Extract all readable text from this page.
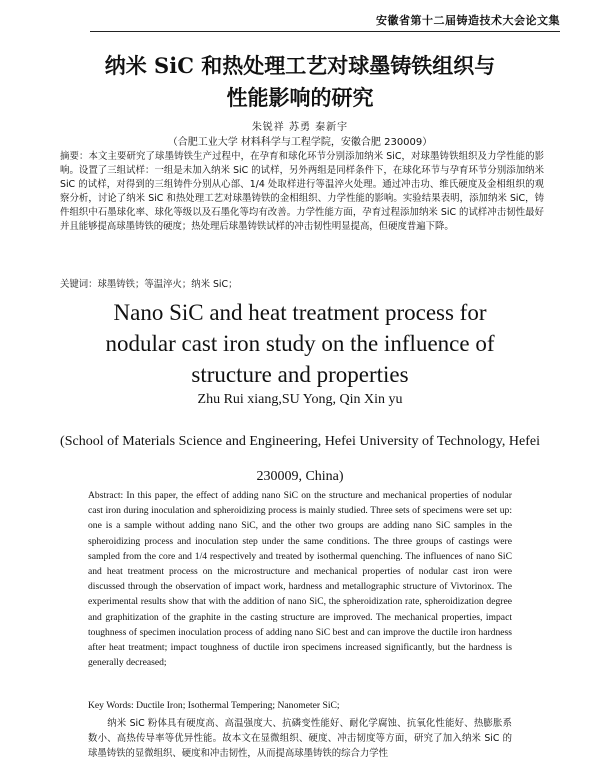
安徽省第十二届铸造技术大会论文集
纳米 SiC 和热处理工艺对球墨铸铁组织与
性能影响的研究
朱锐祥 苏勇 秦新宇
（合肥工业大学 材料科学与工程学院，安徽合肥 230009）
摘要：本文主要研究了球墨铸铁生产过程中，在孕育和球化环节分别添加纳米 SiC，对球墨铸铁组织及力学性能的影响。设置了三组试样：一组是未加入纳米 SiC 的试样，另外两组是同样条件下，在球化环节与孕育环节分别添加纳米 SiC 的试样，对得到的三组铸件分别从心部、1/4 处取样进行等温淬火处理。通过冲击功、维氏硬度及金相组织的观察分析，讨论了纳米 SiC 和热处理工艺对球墨铸铁的金相组织、力学性能的影响。实验结果表明，添加纳米 SiC，铸件组织中石墨球化率、球化等级以及石墨化等均有改善。力学性能方面，孕育过程添加纳米 SiC 的试样冲击韧性最好并且能够提高球墨铸铁的硬度；热处理后球墨铸铁试样的冲击韧性明显提高，但硬度普遍下降。
关键词：球墨铸铁；等温淬火；纳米 SiC；
Nano SiC and heat treatment process for
nodular cast iron study on the influence of
structure and properties
Zhu Rui xiang,SU Yong, Qin Xin yu
(School of Materials Science and Engineering, Hefei University of Technology, Hefei 230009, China)
Abstract: In this paper, the effect of adding nano SiC on the structure and mechanical properties of nodular cast iron during inoculation and spheroidizing process is mainly studied. Three sets of specimens were set up: one is a sample without adding nano SiC, and the other two groups are adding nano SiC samples in the spheroidizing process and inoculation step under the same conditions. The three groups of castings were sampled from the core and 1/4 respectively and treated by isothermal quenching. The influences of nano SiC and heat treatment process on the microstructure and mechanical properties of nodular cast iron were discussed through the observation of impact work, hardness and metallographic structure of Vivtorinox. The experimental results show that with the addition of nano SiC, the spheroidization rate, spheroidization degree and graphitization of the graphite in the casting structure are improved. The mechanical properties, impact toughness of specimen inoculation process of adding nano SiC best and can improve the ductile iron hardness after heat treatment; impact toughness of ductile iron specimens increased significantly, but the hardness is generally decreased;
Key Words: Ductile Iron; Isothermal Tempering; Nanometer SiC;
纳米 SiC 粉体具有硬度高、高温强度大、抗磷变性能好、耐化学腐蚀、抗氧化性能好、热膨胀系数小、高热传导率等优异性能。故本文在显微组织、硬度、冲击韧度等方面，研究了加入纳米 SiC 的球墨铸铁的显微组织、硬度和冲击韧性，从而提高球墨铸铁的综合力学性
